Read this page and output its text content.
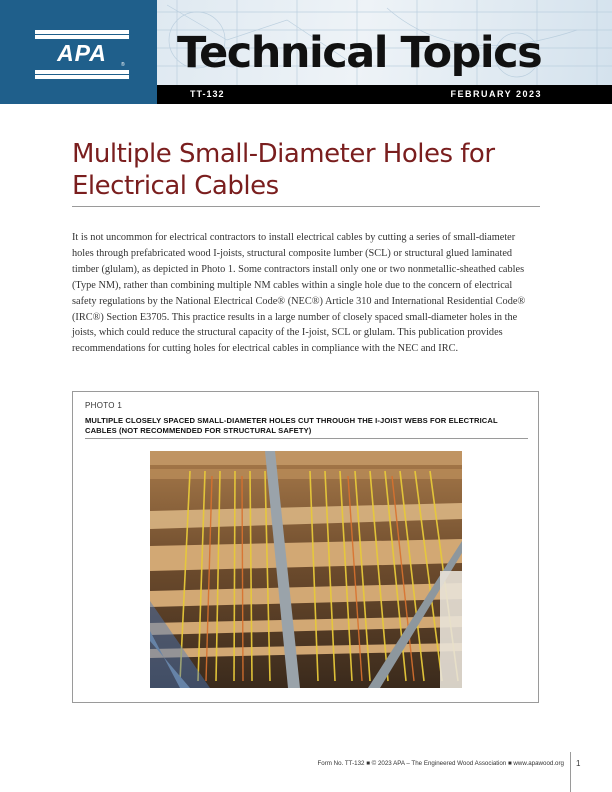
APA	® Technical Topics
TT-132	FEBRUARY 2023
Multiple Small-Diameter Holes for Electrical Cables

It is not uncommon for electrical contractors to install electrical cables by cutting a series of small-diameter holes through prefabricated wood I-joists, structural composite lumber (SCL) or structural glued laminated timber (glulam), as depicted in Photo 1. Some contractors install only one or two nonmetallic-sheathed cables (Type NM), rather than combining multiple NM cables within a single hole due to the concern of electrical safety regulations by the National Electrical Code® (NEC®) Article 310 and International Residential Code® (IRC®) Section E3705. This practice results in a large number of closely spaced small-diameter holes in the joists, which could reduce the structural capacity of the I-joist, SCL or glulam. This publication provides recommendations for cutting holes for electrical cables in compliance with the NEC and IRC.

PHOTO 1
MULTIPLE CLOSELY SPACED SMALL-DIAMETER HOLES CUT THROUGH THE I-JOIST WEBS FOR ELECTRICAL CABLES (NOT RECOMMENDED FOR STRUCTURAL SAFETY)
Form No. TT-132 ■ © 2023 APA – The Engineered Wood Association ■ www.apawood.org 1
